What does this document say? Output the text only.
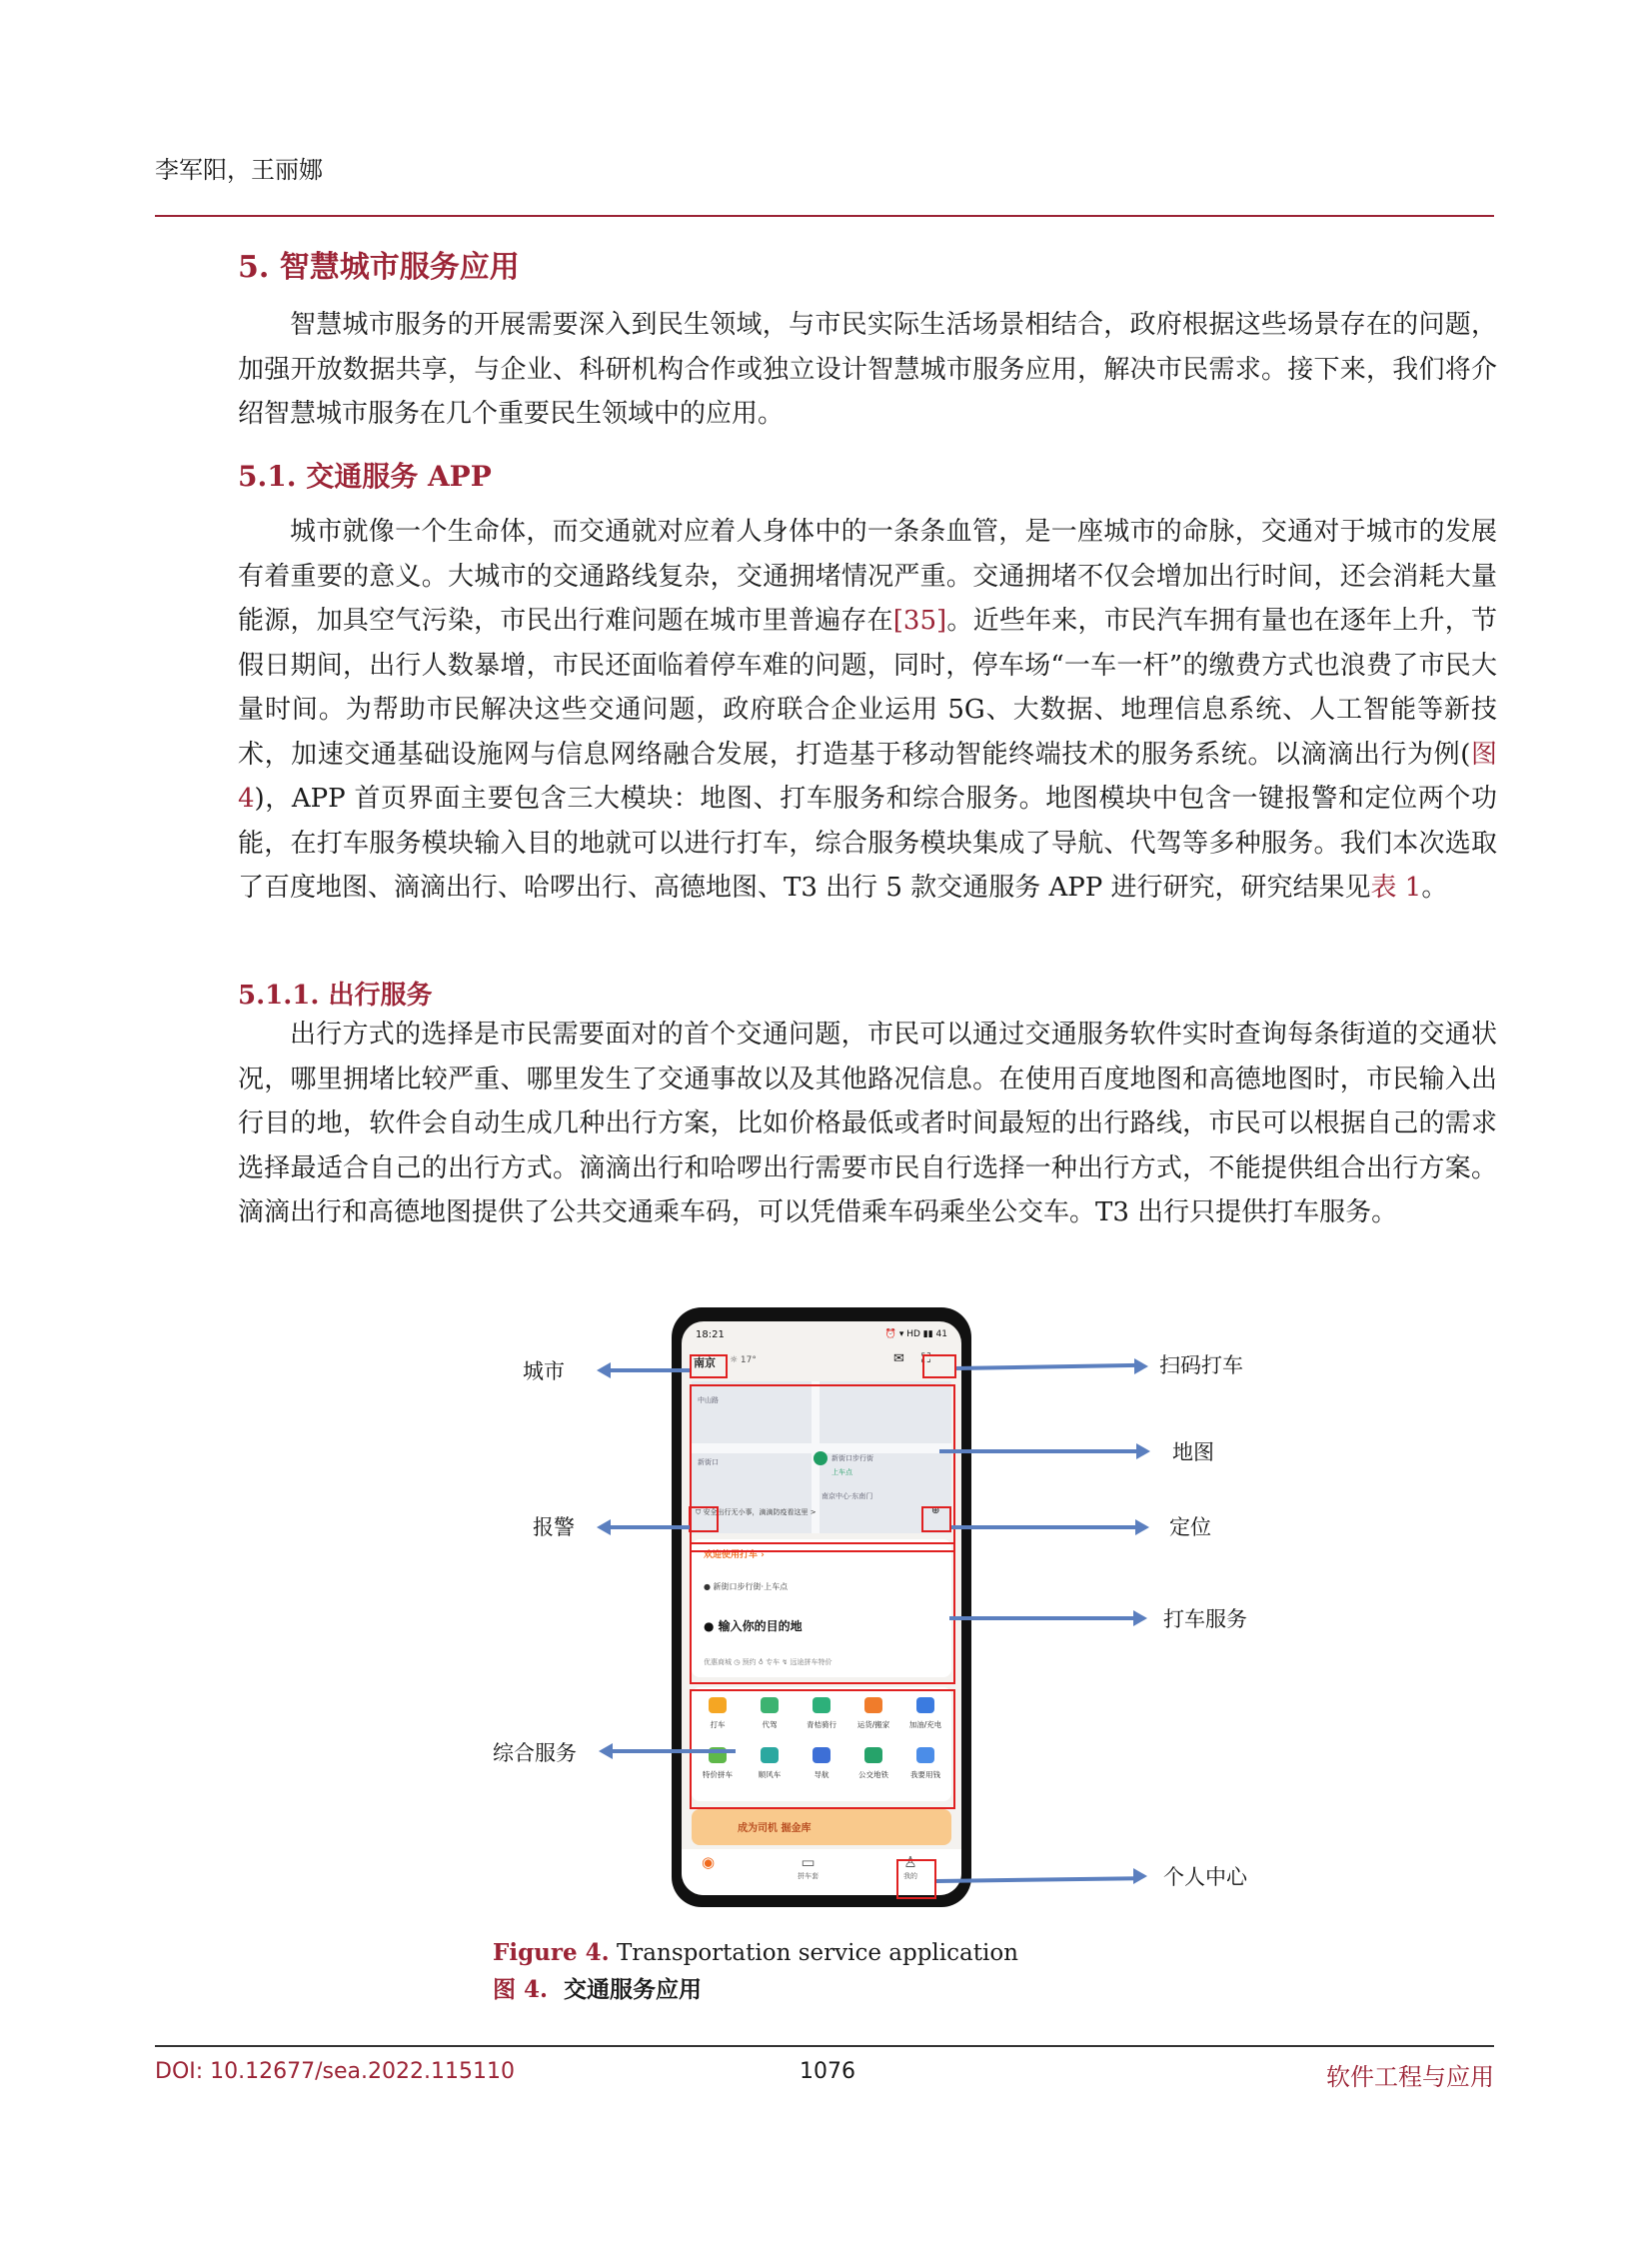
李军阳，王丽娜
5. 智慧城市服务应用
智慧城市服务的开展需要深入到民生领域，与市民实际生活场景相结合，政府根据这些场景存在的问题，加强开放数据共享，与企业、科研机构合作或独立设计智慧城市服务应用，解决市民需求。接下来，我们将介绍智慧城市服务在几个重要民生领域中的应用。
5.1. 交通服务 APP
城市就像一个生命体，而交通就对应着人身体中的一条条血管，是一座城市的命脉，交通对于城市的发展有着重要的意义。大城市的交通路线复杂，交通拥堵情况严重。交通拥堵不仅会增加出行时间，还会消耗大量能源，加具空气污染，市民出行难问题在城市里普遍存在[35]。近些年来，市民汽车拥有量也在逐年上升，节假日期间，出行人数暴增，市民还面临着停车难的问题，同时，停车场“一车一杆”的缴费方式也浪费了市民大量时间。为帮助市民解决这些交通问题，政府联合企业运用 5G、大数据、地理信息系统、人工智能等新技术，加速交通基础设施网与信息网络融合发展，打造基于移动智能终端技术的服务系统。以滴滴出行为例(图 4)，APP 首页界面主要包含三大模块：地图、打车服务和综合服务。地图模块中包含一键报警和定位两个功能，在打车服务模块输入目的地就可以进行打车，综合服务模块集成了导航、代驾等多种服务。我们本次选取了百度地图、滴滴出行、哈啰出行、高德地图、T3 出行 5 款交通服务 APP 进行研究，研究结果见表 1。
5.1.1. 出行服务
出行方式的选择是市民需要面对的首个交通问题，市民可以通过交通服务软件实时查询每条街道的交通状况，哪里拥堵比较严重、哪里发生了交通事故以及其他路况信息。在使用百度地图和高德地图时，市民输入出行目的地，软件会自动生成几种出行方案，比如价格最低或者时间最短的出行路线，市民可以根据自己的需求选择最适合自己的出行方式。滴滴出行和哈啰出行需要市民自行选择一种出行方式，不能提供组合出行方案。滴滴出行和高德地图提供了公共交通乘车码，可以凭借乘车码乘坐公交车。T3 出行只提供打车服务。
18:21	⏰ ▾ HD ▮▮ 41
南京 ☼ 17°	✉ ⛶
中山路
新街口	新街口步行街
上车点
南京中心·东南门
⛉ 安全出行无小事，滴滴防疫看这里 >	⊕
欢迎使用打车 ›
● 新街口步行街·上车点
● 输入你的目的地
优惠商城 ◷ 预约 ♁ 专车 ↯ 远途拼车特价
打车	代驾	青桔骑行	运货/搬家	加油/充电
特价拼车	顺风车	导航	公交地铁	我要用钱
成为司机 掘金库
◉	▭
拼车套
♙
我的
城市
报警
综合服务
扫码打车
地图
定位
打车服务
个人中心
Figure 4. Transportation service application
图 4. 交通服务应用
DOI: 10.12677/sea.2022.115110	1076	软件工程与应用
